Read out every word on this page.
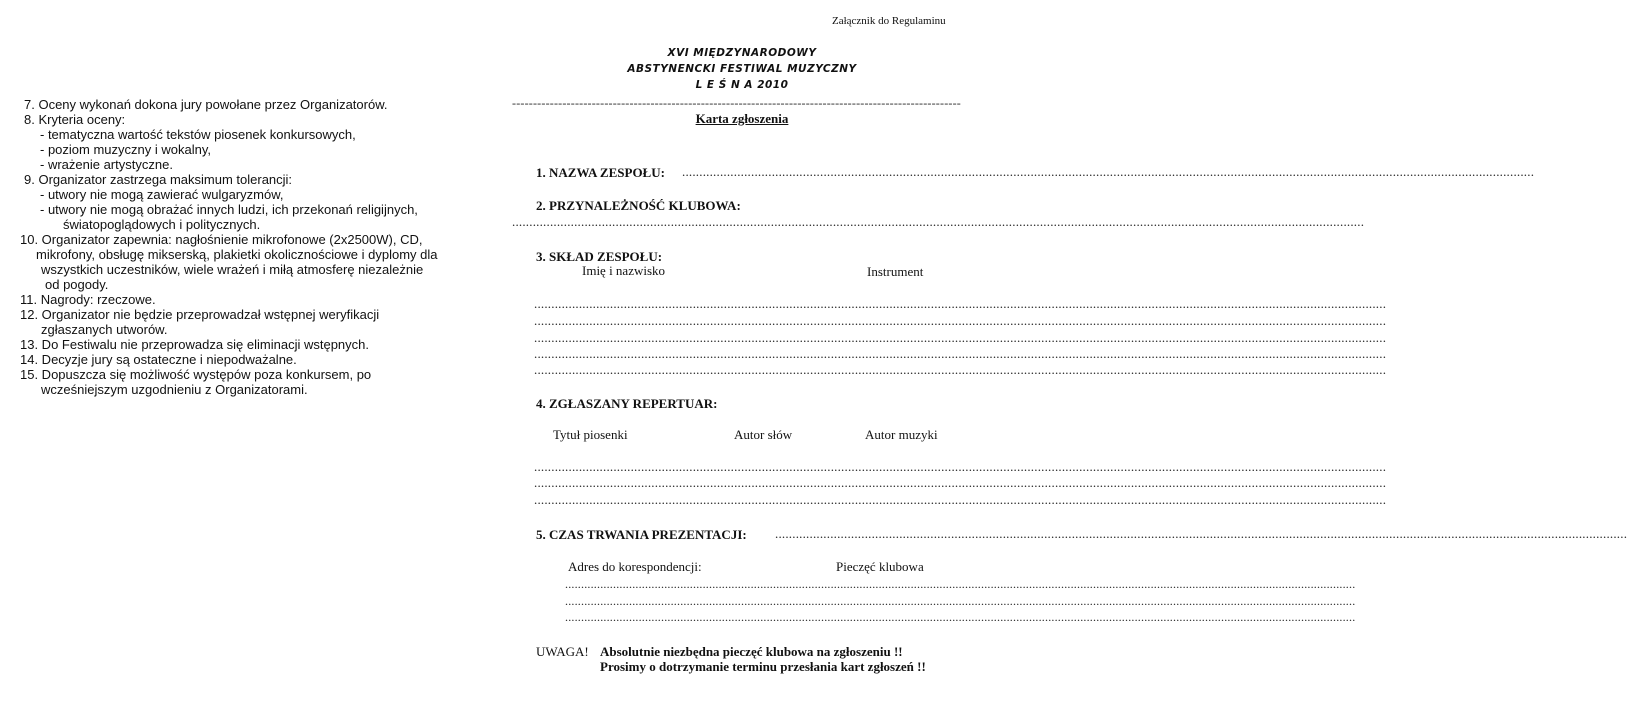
Załącznik do Regulaminu
7. Oceny wykonań dokona jury powołane przez Organizatorów.
8. Kryteria oceny:
- tematyczna wartość tekstów piosenek konkursowych,
- poziom muzyczny i wokalny,
- wrażenie artystyczne.
9. Organizator zastrzega maksimum tolerancji:
- utwory nie mogą zawierać wulgaryzmów,
- utwory nie mogą obrażać innych ludzi, ich przekonań religijnych,
światopoglądowych i politycznych.
10. Organizator zapewnia: nagłośnienie mikrofonowe (2x2500W), CD,
mikrofony, obsługę mikserską, plakietki okolicznościowe i dyplomy dla
wszystkich uczestników, wiele wrażeń i miłą atmosferę niezależnie
od pogody.
11. Nagrody: rzeczowe.
12. Organizator nie będzie przeprowadzał wstępnej weryfikacji
zgłaszanych utworów.
13. Do Festiwalu nie przeprowadza się eliminacji wstępnych.
14. Decyzje jury są ostateczne i niepodważalne.
15. Dopuszcza się możliwość występów poza konkursem, po
wcześniejszym uzgodnieniu z Organizatorami.
XVI MIĘDZYNARODOWY
ABSTYNENCKI FESTIWAL MUZYCZNY
L E Ś N A 2010
-----------------------------------------------------------------------------------------------------------
Karta zgłoszenia
1. NAZWA ZESPOŁU: .......................................................................................................................................................................................................................................................
2. PRZYNALEŻNOŚĆ KLUBOWA:
.......................................................................................................................................................................................................................................................
3. SKŁAD ZESPOŁU:
Imię i nazwisko	Instrument
.......................................................................................................................................................................................................................................................
.......................................................................................................................................................................................................................................................
.......................................................................................................................................................................................................................................................
.......................................................................................................................................................................................................................................................
.......................................................................................................................................................................................................................................................
4. ZGŁASZANY REPERTUAR:
Tytuł piosenki	Autor słów	Autor muzyki
.......................................................................................................................................................................................................................................................
.......................................................................................................................................................................................................................................................
.......................................................................................................................................................................................................................................................
5. CZAS TRWANIA PREZENTACJI: .......................................................................................................................................................................................................................................................
Adres do korespondencji:	Pieczęć klubowa
.......................................................................................................................................................................................................................................................
.......................................................................................................................................................................................................................................................
.......................................................................................................................................................................................................................................................
UWAGA! Absolutnie niezbędna pieczęć klubowa na zgłoszeniu !!
Prosimy o dotrzymanie terminu przesłania kart zgłoszeń !!
